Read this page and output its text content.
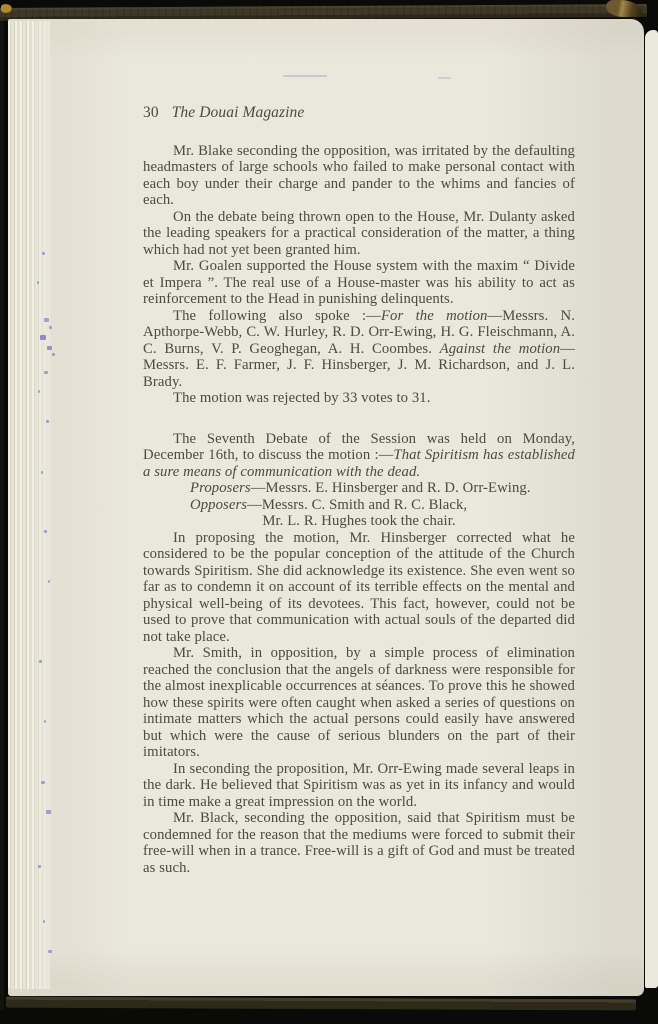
30 The Douai Magazine

Mr. Blake seconding the opposition, was irritated by the defaulting headmasters of large schools who failed to make personal contact with each boy under their charge and pander to the whims and fancies of each.

On the debate being thrown open to the House, Mr. Dulanty asked the leading speakers for a practical consideration of the matter, a thing which had not yet been granted him.

Mr. Goalen supported the House system with the maxim “ Divide et Impera ”. The real use of a House-master was his ability to act as reinforcement to the Head in punishing delinquents.

The following also spoke :—For the motion—Messrs. N. Apthorpe-Webb, C. W. Hurley, R. D. Orr-Ewing, H. G. Fleischmann, A. C. Burns, V. P. Geoghegan, A. H. Coombes. Against the motion—Messrs. E. F. Farmer, J. F. Hinsberger, J. M. Richardson, and J. L. Brady.

The motion was rejected by 33 votes to 31.

The Seventh Debate of the Session was held on Monday, December 16th, to discuss the motion :—That Spiritism has established a sure means of communication with the dead.

Proposers—Messrs. E. Hinsberger and R. D. Orr-Ewing.

Opposers—Messrs. C. Smith and R. C. Black,

Mr. L. R. Hughes took the chair.

In proposing the motion, Mr. Hinsberger corrected what he considered to be the popular conception of the attitude of the Church towards Spiritism. She did acknowledge its existence. She even went so far as to condemn it on account of its terrible effects on the mental and physical well-being of its devotees. This fact, however, could not be used to prove that communication with actual souls of the departed did not take place.

Mr. Smith, in opposition, by a simple process of elimination reached the conclusion that the angels of darkness were responsible for the almost inexplicable occurrences at séances. To prove this he showed how these spirits were often caught when asked a series of questions on intimate matters which the actual persons could easily have answered but which were the cause of serious blunders on the part of their imitators.

In seconding the proposition, Mr. Orr-Ewing made several leaps in the dark. He believed that Spiritism was as yet in its infancy and would in time make a great impression on the world.

Mr. Black, seconding the opposition, said that Spiritism must be condemned for the reason that the mediums were forced to submit their free-will when in a trance. Free-will is a gift of God and must be treated as such.
